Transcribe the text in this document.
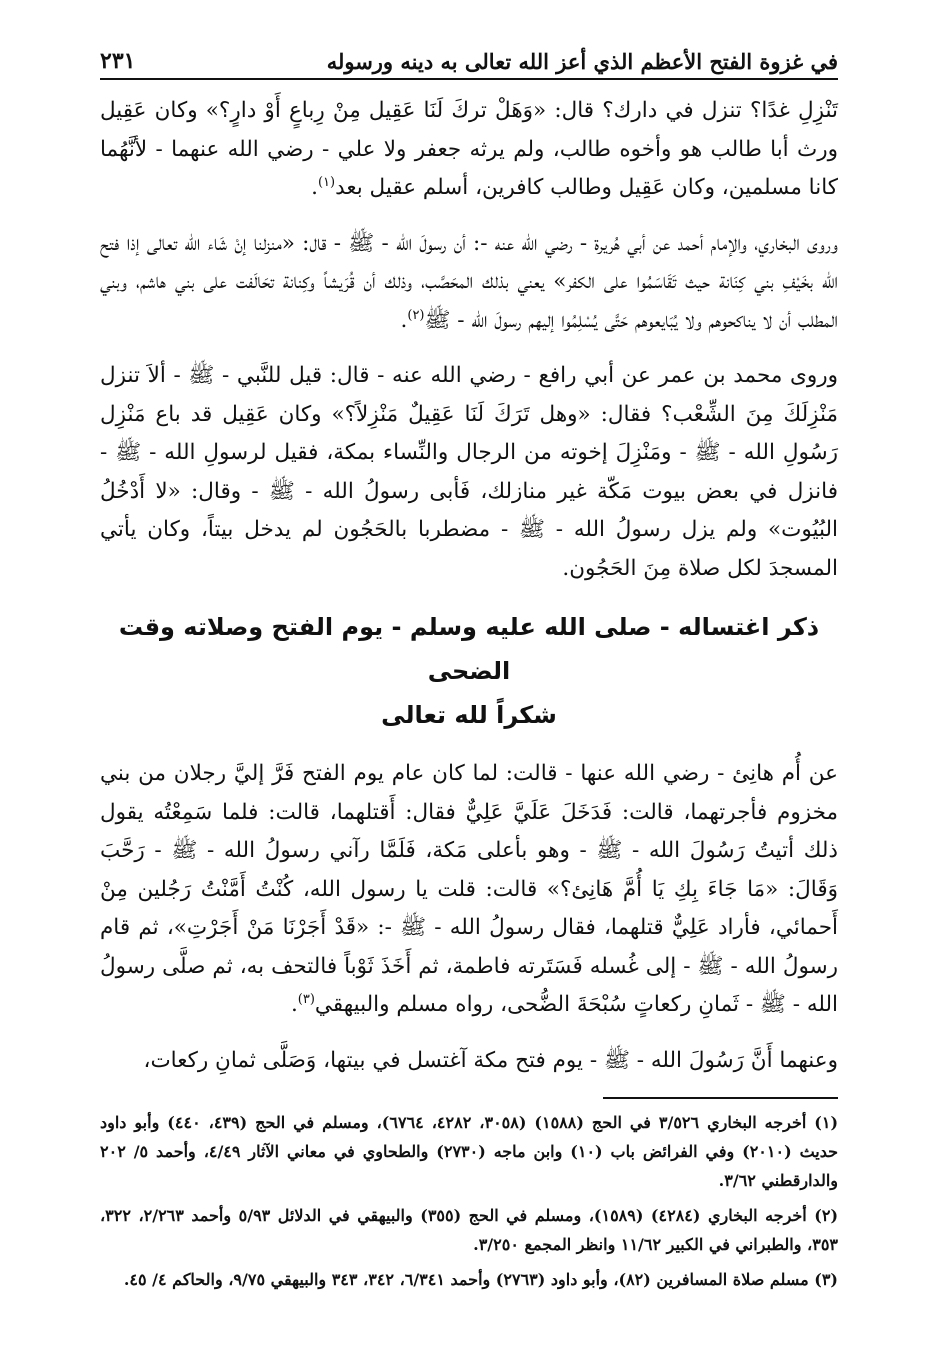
في غزوة الفتح الأعظم الذي أعز الله تعالى به دينه ورسوله
٢٣١

تَنْزِلِ غدًا؟ تنزل في دارك؟ قال: «وَهَلْ تركَ لَنَا عَقِيل مِنْ رِباعٍ أَوْ دارٍ؟» وكان عَقِيل ورث أبا طالب هو وأخوه طالب، ولم يرثه جعفر ولا علي - رضي الله عنهما - لأنَّهُما كانا مسلمين، وكان عَقِيل وطالب كافرين، أسلم عقيل بعد$^{(١)}$.

وروى البخاري، والإمام أحمد عن أبي هُريرة - رضي الله عنه -: أن رسولَ الله - ﷺ - قال: «منزلنا إنْ شَاء الله تعالى إذا فتح الله بخَيْفِ بني كِنَانة حيث تَقَاسَمُوا على الكفر» يعني بذلك المحَصَّب، وذلك أن قُرَيشاً وكِنانة تحَالَفت على بني هاشم، وبني المطلب أن لا يناكحوهم ولا يُبَايعوهم حَتَّى يُسْلِمُوا إليهم رسولَ الله - ﷺ$^{(٢)}$.

وروى محمد بن عمر عن أبي رافع - رضي الله عنه - قال: قيل للنَّبي - ﷺ - ألاَ تنزل مَنْزِلَكَ مِنَ الشِّعْب؟ فقال: «وهل تَرَكَ لَنَا عَقِيلٌ مَنْزِلاً؟» وكان عَقِيل قد باع مَنْزِل رَسُولِ الله - ﷺ - ومَنْزِلَ إخوته من الرجال والنِّساء بمكة، فقيل لرسولِ الله - ﷺ - فانزل في بعض بيوت مَكّة غير منازلك، فَأبى رسولُ الله - ﷺ - وقال: «لا أَدْخُلُ البُيُوت» ولم يزل رسولُ الله - ﷺ - مضطربا بالحَجُون لم يدخل بيتاً، وكان يأتي المسجدَ لكل صلاة مِنَ الحَجُون.

ذكر اغتساله - صلى الله عليه وسلم - يوم الفتح وصلاته وقت الضحى
شكراً لله تعالى

عن أُم هانِئ - رضي الله عنها - قالت: لما كان عام يوم الفتح فَرَّ إليَّ رجلان من بني مخزوم فأجرتهما، قالت: فَدَخَلَ عَلَيَّ عَلِيٌّ فقال: أَقتلهما، قالت: فلما سَمِعْتُه يقول ذلك أتيتُ رَسُولَ الله - ﷺ - وهو بأعلى مَكة، فَلَمَّا رآني رسولُ الله - ﷺ - رَحَّبَ وَقَالَ: «مَا جَاءَ بِكِ يَا أُمَّ هَانِئ؟» قالت: قلت يا رسول الله، كُنْتُ أَمَّنْتُ رَجُلين مِنْ أَحمائي، فأراد عَلِيٌّ قتلهما، فقال رسولُ الله - ﷺ -: «قَدْ أَجَرْنَا مَنْ أَجَرْتِ»، ثم قام رسولُ الله - ﷺ - إلى غُسله فَسَتَرته فاطمة، ثم أَخَذَ ثَوْباً فالتحف به، ثم صلَّى رسولُ الله - ﷺ - ثَمانِ ركعاتٍ سُبْحَةَ الضُّحى، رواه مسلم والبيهقي$^{(٣)}$.

وعنهما أَنَّ رَسُولَ الله - ﷺ - يوم فتح مكة آغتسل في بيتها، وَصَلَّى ثمانِ ركعات،

(١) أخرجه البخاري ٣/٥٢٦ في الحج (١٥٨٨) (٣٠٥٨، ٤٢٨٢، ٦٧٦٤)، ومسلم في الحج (٤٣٩، ٤٤٠) وأبو داود حديث (٢٠١٠) وفي الفرائض باب (١٠) وابن ماجه (٢٧٣٠) والطحاوي في معاني الآثار ٤/٤٩، وأحمد ٥/ ٢٠٢ والدارقطني ٣/٦٢.

(٢) أخرجه البخاري (٤٢٨٤) (١٥٨٩)، ومسلم في الحج (٣٥٥) والبيهقي في الدلائل ٥/٩٣ وأحمد ٢/٢٦٣، ٣٢٢، ٣٥٣، والطبراني في الكبير ١١/٦٢ وانظر المجمع ٣/٢٥٠.

(٣) مسلم صلاة المسافرين (٨٢)، وأبو داود (٢٧٦٣) وأحمد ٦/٣٤١، ٣٤٢، ٣٤٣ والبيهقي ٩/٧٥، والحاكم ٤/ ٤٥.
